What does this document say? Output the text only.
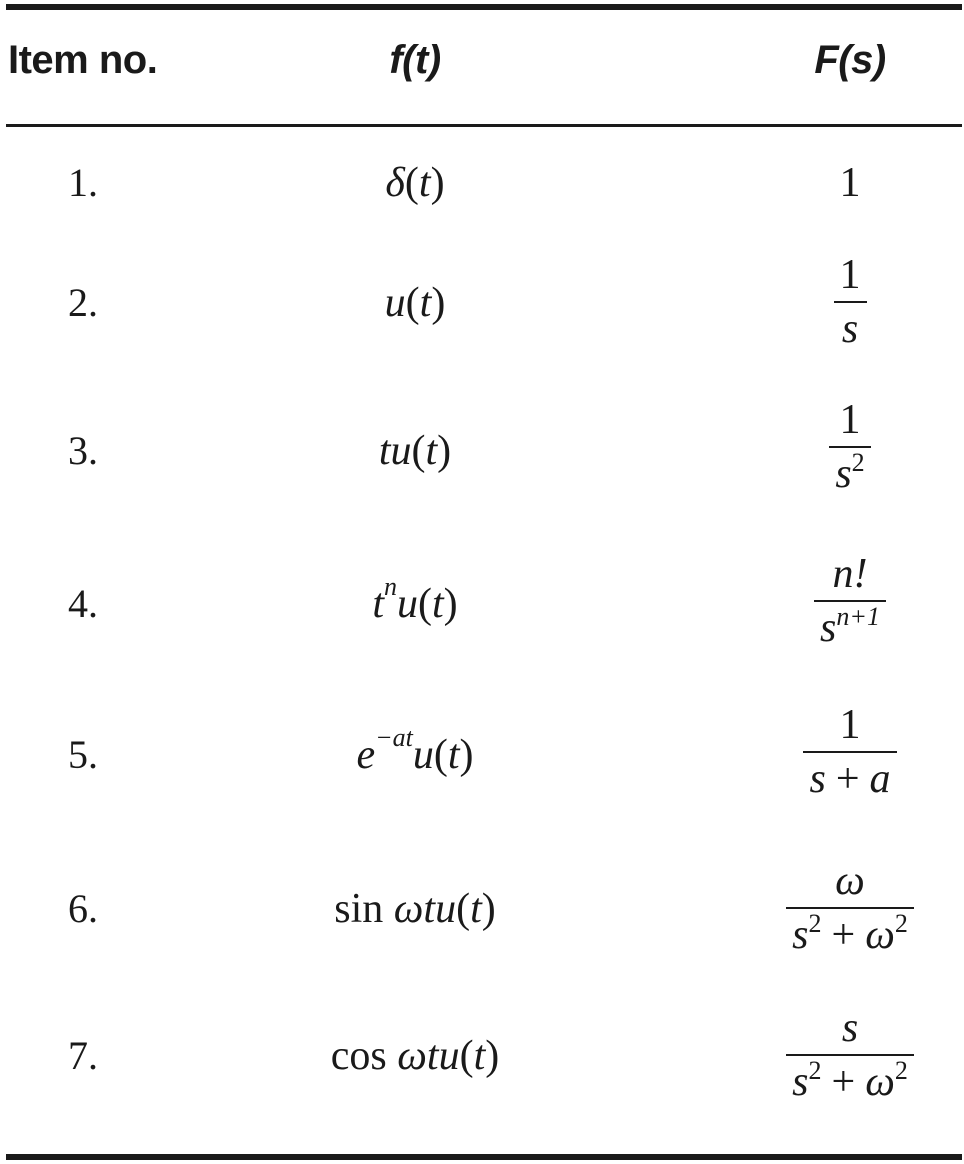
Item no.	f(t)	F(s)
1.	δ(t)	1
2.	u(t)	$\frac{1}{s}$
3.	tu(t)	$\frac{1}{s^2}$
4.	$t^nu(t)$	$\frac{n!}{s^{n+1}}$
5.	$e^{-at}u(t)$	$\frac{1}{s + a}$
6.	sin ωtu(t)	$\frac{\omega}{s^2 + \omega^2}$
7.	cos ωtu(t)	$\frac{s}{s^2 + \omega^2}$
